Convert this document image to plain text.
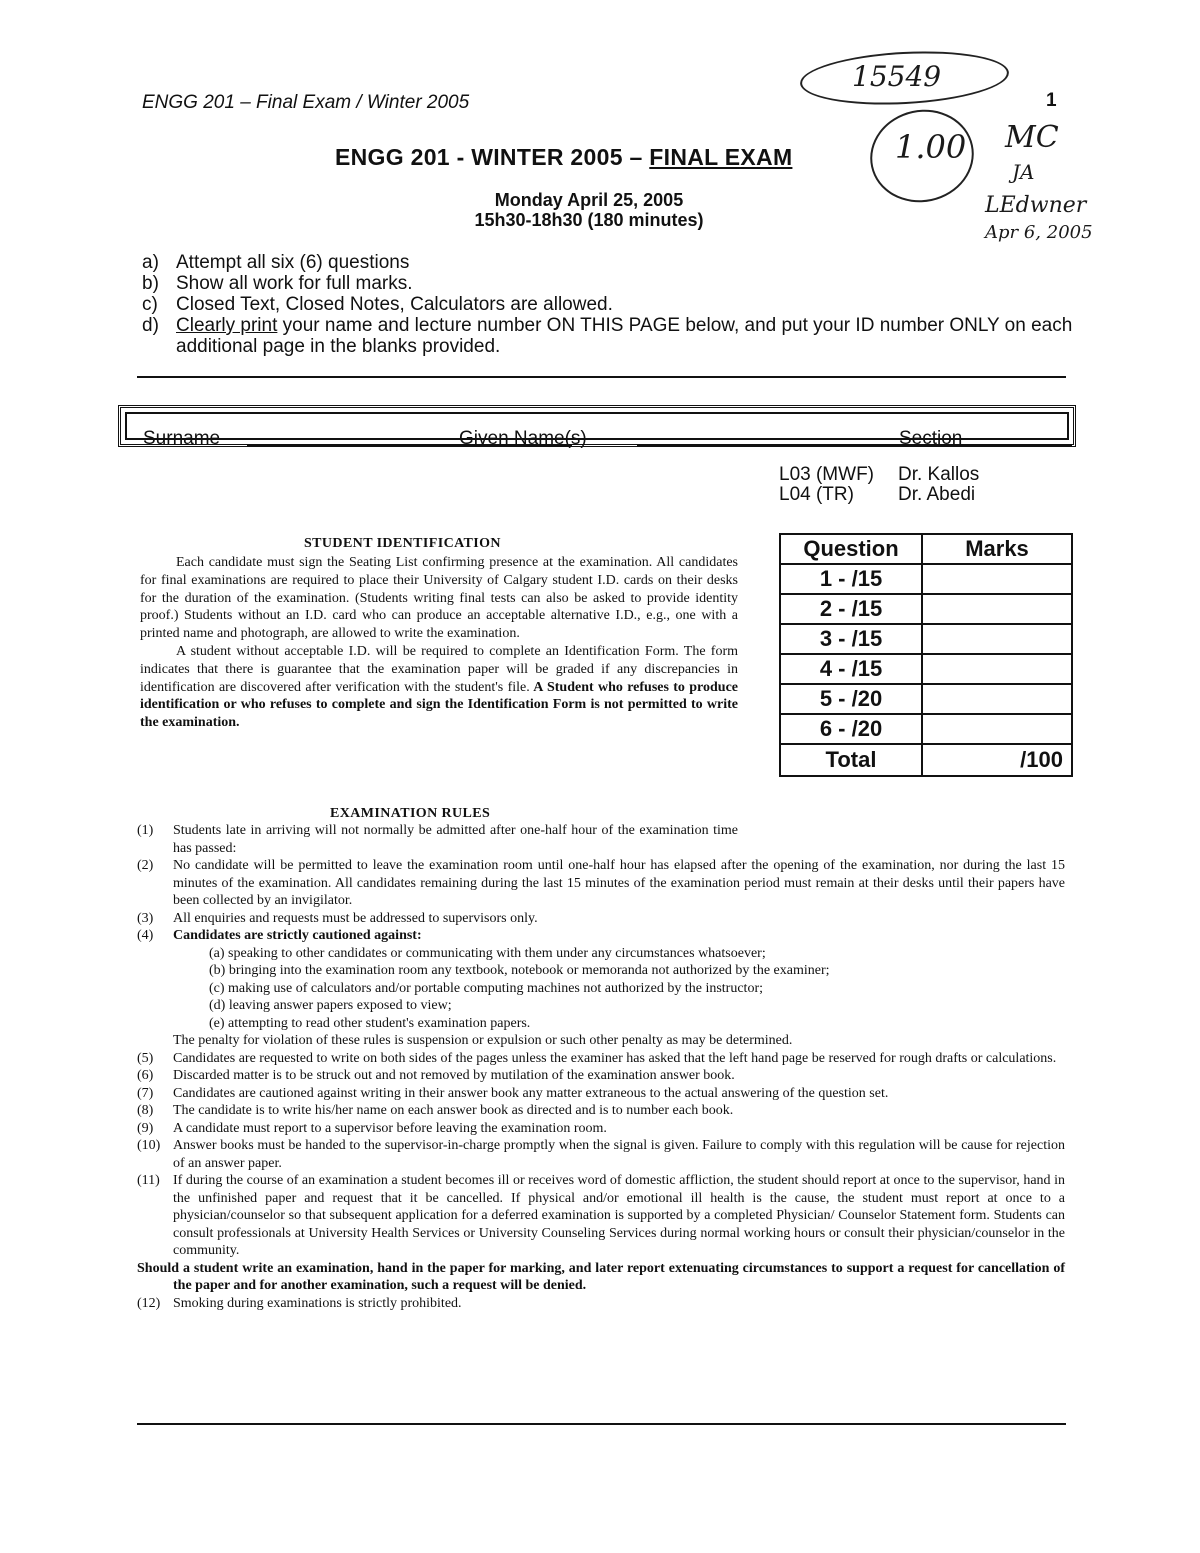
ENGG 201 – Final Exam / Winter 2005	1
ENGG 201 - WINTER 2005 – FINAL EXAM
Monday April 25, 2005
15h30-18h30 (180 minutes)
a) Attempt all six (6) questions
b) Show all work for full marks.
c) Closed Text, Closed Notes, Calculators are allowed.
d) Clearly print your name and lecture number ON THIS PAGE below, and put your ID number ONLY on each additional page in the blanks provided.
Surname	Given Name(s)	Section
L03 (MWF)	Dr. Kallos
L04 (TR)	Dr. Abedi
STUDENT IDENTIFICATION

Each candidate must sign the Seating List confirming presence at the examination. All candidates for final examinations are required to place their University of Calgary student I.D. cards on their desks for the duration of the examination. (Students writing final tests can also be asked to provide identity proof.) Students without an I.D. card who can produce an acceptable alternative I.D., e.g., one with a printed name and photograph, are allowed to write the examination.

A student without acceptable I.D. will be required to complete an Identification Form. The form indicates that there is guarantee that the examination paper will be graded if any discrepancies in identification are discovered after verification with the student's file. A Student who refuses to produce identification or who refuses to complete and sign the Identification Form is not permitted to write the examination.

Question	Marks
1 - /15	
2 - /15	
3 - /15	
4 - /15	
5 - /20	
6 - /20	
Total	/100
EXAMINATION RULES
(1) Students late in arriving will not normally be admitted after one-half hour of the examination time has passed:
(2) No candidate will be permitted to leave the examination room until one-half hour has elapsed after the opening of the examination, nor during the last 15 minutes of the examination. All candidates remaining during the last 15 minutes of the examination period must remain at their desks until their papers have been collected by an invigilator.
(3) All enquiries and requests must be addressed to supervisors only.
(4) Candidates are strictly cautioned against:
(a) speaking to other candidates or communicating with them under any circumstances whatsoever;
(b) bringing into the examination room any textbook, notebook or memoranda not authorized by the examiner;
(c) making use of calculators and/or portable computing machines not authorized by the instructor;
(d) leaving answer papers exposed to view;
(e) attempting to read other student's examination papers.
The penalty for violation of these rules is suspension or expulsion or such other penalty as may be determined.
(5) Candidates are requested to write on both sides of the pages unless the examiner has asked that the left hand page be reserved for rough drafts or calculations.
(6) Discarded matter is to be struck out and not removed by mutilation of the examination answer book.
(7) Candidates are cautioned against writing in their answer book any matter extraneous to the actual answering of the question set.
(8) The candidate is to write his/her name on each answer book as directed and is to number each book.
(9) A candidate must report to a supervisor before leaving the examination room.
(10) Answer books must be handed to the supervisor-in-charge promptly when the signal is given. Failure to comply with this regulation will be cause for rejection of an answer paper.
(11) If during the course of an examination a student becomes ill or receives word of domestic affliction, the student should report at once to the supervisor, hand in the unfinished paper and request that it be cancelled. If physical and/or emotional ill health is the cause, the student must report at once to a physician/counselor so that subsequent application for a deferred examination is supported by a completed Physician/ Counselor Statement form. Students can consult professionals at University Health Services or University Counseling Services during normal working hours or consult their physician/counselor in the community.
Should a student write an examination, hand in the paper for marking, and later report extenuating circumstances to support a request for cancellation of the paper and for another examination, such a request will be denied.
(12) Smoking during examinations is strictly prohibited.
15549
1.00 MC
JA
LEdwner
Apr 6, 2005
